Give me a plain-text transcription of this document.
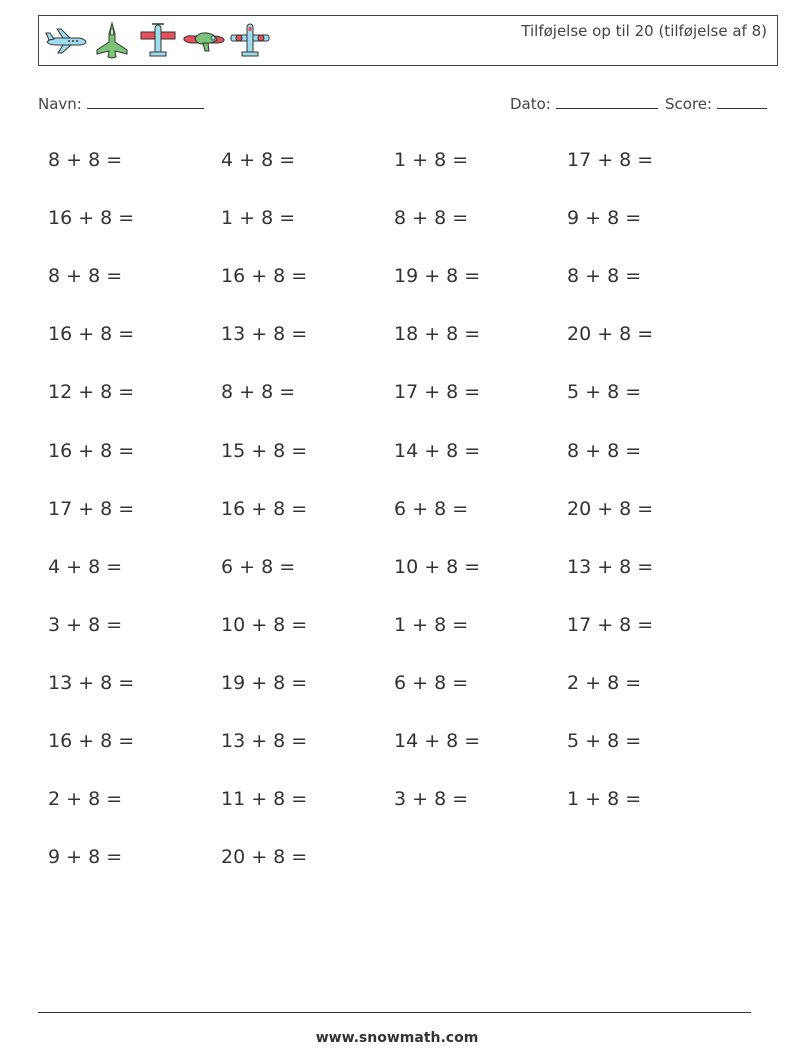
Tilføjelse op til 20 (tilføjelse af 8)
Navn:	Dato:	Score:
8 + 8 =	4 + 8 =	1 + 8 =	17 + 8 =
16 + 8 =	1 + 8 =	8 + 8 =	9 + 8 =
8 + 8 =	16 + 8 =	19 + 8 =	8 + 8 =
16 + 8 =	13 + 8 =	18 + 8 =	20 + 8 =
12 + 8 =	8 + 8 =	17 + 8 =	5 + 8 =
16 + 8 =	15 + 8 =	14 + 8 =	8 + 8 =
17 + 8 =	16 + 8 =	6 + 8 =	20 + 8 =
4 + 8 =	6 + 8 =	10 + 8 =	13 + 8 =
3 + 8 =	10 + 8 =	1 + 8 =	17 + 8 =
13 + 8 =	19 + 8 =	6 + 8 =	2 + 8 =
16 + 8 =	13 + 8 =	14 + 8 =	5 + 8 =
2 + 8 =	11 + 8 =	3 + 8 =	1 + 8 =
9 + 8 =	20 + 8 =
www.snowmath.com
